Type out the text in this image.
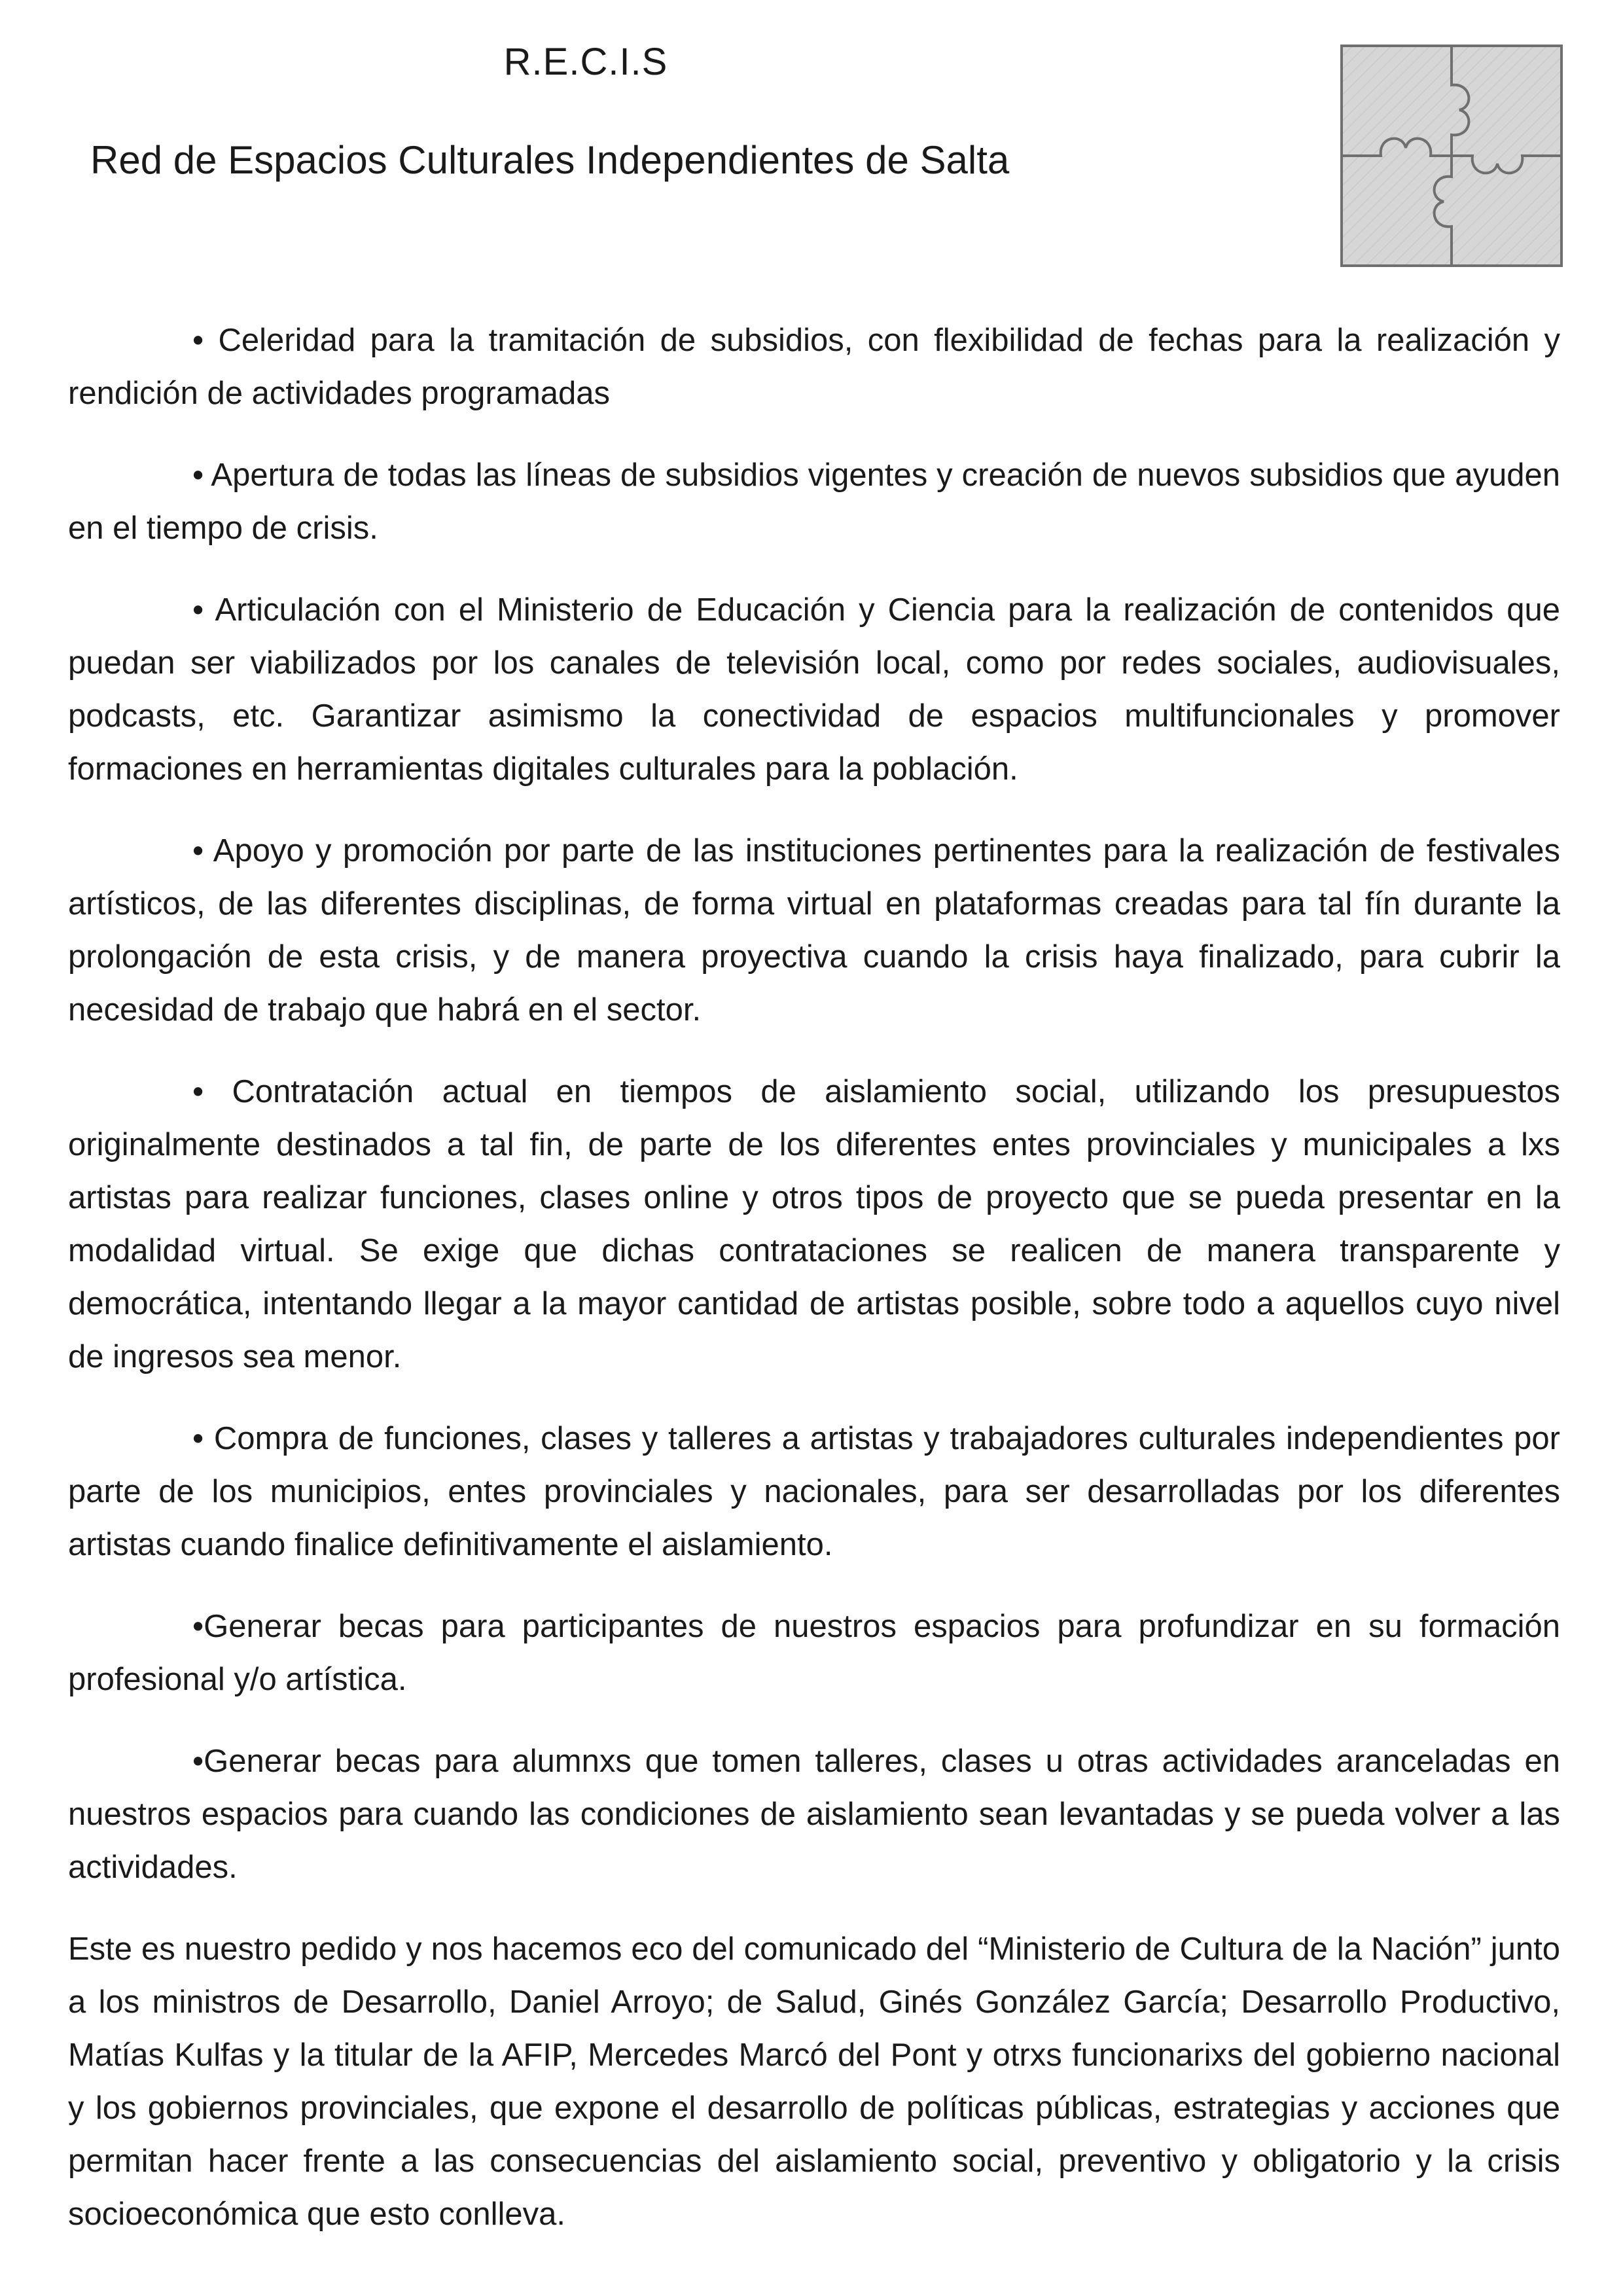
R.E.C.I.S
Red de Espacios Culturales Independientes de Salta

• Celeridad para la tramitación de subsidios, con flexibilidad de fechas para la realización y rendición de actividades programadas

• Apertura de todas las líneas de subsidios vigentes y creación de nuevos subsidios que ayuden en el tiempo de crisis.

• Articulación con el Ministerio de Educación y Ciencia para la realización de contenidos que puedan ser viabilizados por los canales de televisión local, como por redes sociales, audiovisuales, podcasts, etc. Garantizar asimismo la conectividad de espacios multifuncionales y promover formaciones en herramientas digitales culturales para la población.

• Apoyo y promoción por parte de las instituciones pertinentes para la realización de festivales artísticos, de las diferentes disciplinas, de forma virtual en plataformas creadas para tal fín durante la prolongación de esta crisis, y de manera proyectiva cuando la crisis haya finalizado, para cubrir la necesidad de trabajo que habrá en el sector.

• Contratación actual en tiempos de aislamiento social, utilizando los presupuestos originalmente destinados a tal fin, de parte de los diferentes entes provinciales y municipales a lxs artistas para realizar funciones, clases online y otros tipos de proyecto que se pueda presentar en la modalidad virtual. Se exige que dichas contrataciones se realicen de manera transparente y democrática, intentando llegar a la mayor cantidad de artistas posible, sobre todo a aquellos cuyo nivel de ingresos sea menor.

• Compra de funciones, clases y talleres a artistas y trabajadores culturales independientes por parte de los municipios, entes provinciales y nacionales, para ser desarrolladas por los diferentes artistas cuando finalice definitivamente el aislamiento.

•Generar becas para participantes de nuestros espacios para profundizar en su formación profesional y/o artística.

•Generar becas para alumnxs que tomen talleres, clases u otras actividades aranceladas en nuestros espacios para cuando las condiciones de aislamiento sean levantadas y se pueda volver a las actividades.

Este es nuestro pedido y nos hacemos eco del comunicado del “Ministerio de Cultura de la Nación” junto a los ministros de Desarrollo, Daniel Arroyo; de Salud, Ginés González García; Desarrollo Productivo, Matías Kulfas y la titular de la AFIP, Mercedes Marcó del Pont y otrxs funcionarixs del gobierno nacional y los gobiernos provinciales, que expone el desarrollo de políticas públicas, estrategias y acciones que permitan hacer frente a las consecuencias del aislamiento social, preventivo y obligatorio y la crisis socioeconómica que esto conlleva.
